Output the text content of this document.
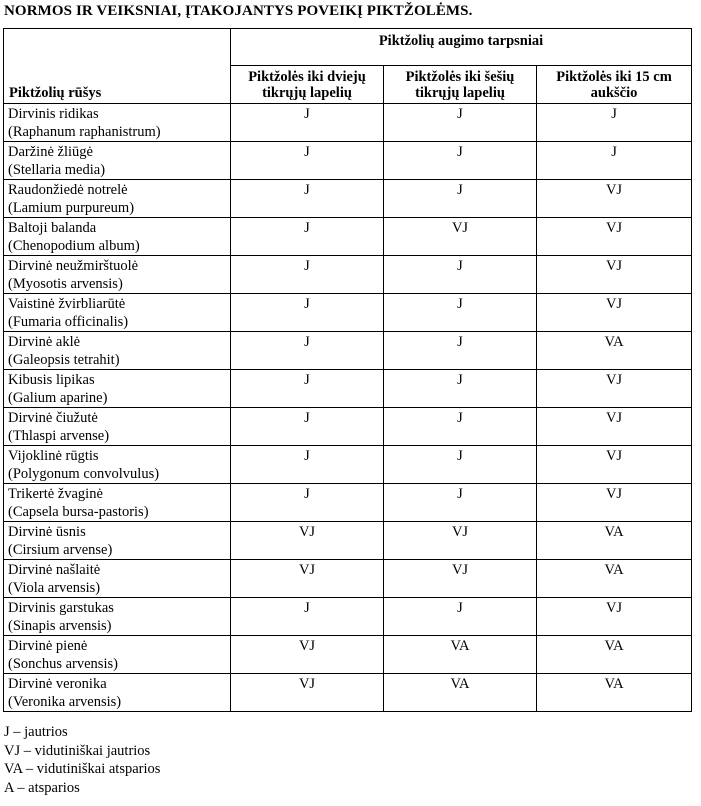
NORMOS IR VEIKSNIAI, ĮTAKOJANTYS POVEIKĮ PIKTŽOLĖMS.
Piktžolių rūšys	Piktžolių augimo tarpsniai		

	Piktžolės iki dviejų tikrųjų lapelių	Piktžolės iki šešių tikrųjų lapelių	Piktžolės iki 15 cm aukščio

Dirvinis ridikas
(Raphanum raphanistrum)	J	J	J

Daržinė žliūgė
(Stellaria media)	J	J	J

Raudonžiedė notrelė
(Lamium purpureum)	J	J	VJ

Baltoji balanda
(Chenopodium album)	J	VJ	VJ

Dirvinė neužmirštuolė
(Myosotis arvensis)	J	J	VJ

Vaistinė žvirbliarūtė
(Fumaria officinalis)	J	J	VJ

Dirvinė aklė
(Galeopsis tetrahit)	J	J	VA

Kibusis lipikas
(Galium aparine)	J	J	VJ

Dirvinė čiužutė
(Thlaspi arvense)	J	J	VJ

Vijoklinė rūgtis
(Polygonum convolvulus)	J	J	VJ

Trikertė žvaginė
(Capsela bursa-pastoris)	J	J	VJ

Dirvinė ūsnis
(Cirsium arvense)	VJ	VJ	VA

Dirvinė našlaitė
(Viola arvensis)	VJ	VJ	VA

Dirvinis garstukas
(Sinapis arvensis)	J	J	VJ

Dirvinė pienė
(Sonchus arvensis)	VJ	VA	VA

Dirvinė veronika
(Veronika arvensis)	VJ	VA	VA
J – jautrios
VJ – vidutiniškai jautrios
VA – vidutiniškai atsparios
A – atsparios
